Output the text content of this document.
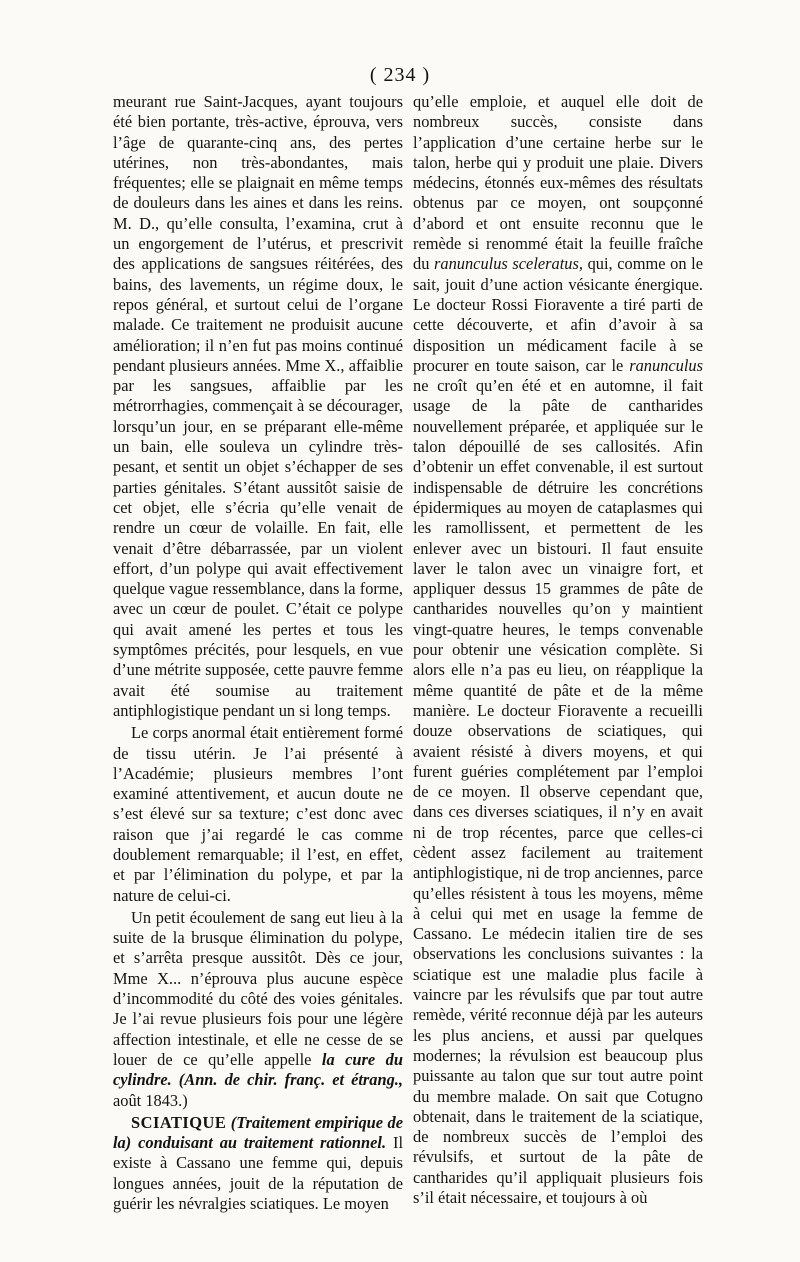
( 234 )

meurant rue Saint-Jacques, ayant toujours été bien portante, très-active, éprouva, vers l’âge de quarante-cinq ans, des pertes utérines, non très-abondantes, mais fréquentes; elle se plaignait en même temps de douleurs dans les aines et dans les reins. M. D., qu’elle consulta, l’examina, crut à un engorgement de l’utérus, et prescrivit des applications de sangsues réitérées, des bains, des lavements, un régime doux, le repos général, et surtout celui de l’organe malade. Ce traitement ne produisit aucune amélioration; il n’en fut pas moins continué pendant plusieurs années. Mme X., affaiblie par les sangsues, affaiblie par les métrorrhagies, commençait à se décourager, lorsqu’un jour, en se préparant elle-même un bain, elle souleva un cylindre très-pesant, et sentit un objet s’échapper de ses parties génitales. S’étant aussitôt saisie de cet objet, elle s’écria qu’elle venait de rendre un cœur de volaille. En fait, elle venait d’être débarrassée, par un violent effort, d’un polype qui avait effectivement quelque vague ressemblance, dans la forme, avec un cœur de poulet. C’était ce polype qui avait amené les pertes et tous les symptômes précités, pour lesquels, en vue d’une métrite supposée, cette pauvre femme avait été soumise au traitement antiphlogistique pendant un si long temps.

Le corps anormal était entièrement formé de tissu utérin. Je l’ai présenté à l’Académie; plusieurs membres l’ont examiné attentivement, et aucun doute ne s’est élevé sur sa texture; c’est donc avec raison que j’ai regardé le cas comme doublement remarquable; il l’est, en effet, et par l’élimination du polype, et par la nature de celui-ci.

Un petit écoulement de sang eut lieu à la suite de la brusque élimination du polype, et s’arrêta presque aussitôt. Dès ce jour, Mme X... n’éprouva plus aucune espèce d’incommodité du côté des voies génitales. Je l’ai revue plusieurs fois pour une légère affection intestinale, et elle ne cesse de se louer de ce qu’elle appelle la cure du cylindre. (Ann. de chir. franç. et étrang., août 1843.)

SCIATIQUE (Traitement empirique de la) conduisant au traitement rationnel. Il existe à Cassano une femme qui, depuis longues années, jouit de la réputation de guérir les névralgies sciatiques. Le moyen

qu’elle emploie, et auquel elle doit de nombreux succès, consiste dans l’application d’une certaine herbe sur le talon, herbe qui y produit une plaie. Divers médecins, étonnés eux-mêmes des résultats obtenus par ce moyen, ont soupçonné d’abord et ont ensuite reconnu que le remède si renommé était la feuille fraîche du ranunculus sceleratus, qui, comme on le sait, jouit d’une action vésicante énergique. Le docteur Rossi Fioravente a tiré parti de cette découverte, et afin d’avoir à sa disposition un médicament facile à se procurer en toute saison, car le ranunculus ne croît qu’en été et en automne, il fait usage de la pâte de cantharides nouvellement préparée, et appliquée sur le talon dépouillé de ses callosités. Afin d’obtenir un effet convenable, il est surtout indispensable de détruire les concrétions épidermiques au moyen de cataplasmes qui les ramollissent, et permettent de les enlever avec un bistouri. Il faut ensuite laver le talon avec un vinaigre fort, et appliquer dessus 15 grammes de pâte de cantharides nouvelles qu’on y maintient vingt-quatre heures, le temps convenable pour obtenir une vésication complète. Si alors elle n’a pas eu lieu, on réapplique la même quantité de pâte et de la même manière. Le docteur Fioravente a recueilli douze observations de sciatiques, qui avaient résisté à divers moyens, et qui furent guéries complétement par l’emploi de ce moyen. Il observe cependant que, dans ces diverses sciatiques, il n’y en avait ni de trop récentes, parce que celles-ci cèdent assez facilement au traitement antiphlogistique, ni de trop anciennes, parce qu’elles résistent à tous les moyens, même à celui qui met en usage la femme de Cassano. Le médecin italien tire de ses observations les conclusions suivantes : la sciatique est une maladie plus facile à vaincre par les révulsifs que par tout autre remède, vérité reconnue déjà par les auteurs les plus anciens, et aussi par quelques modernes; la révulsion est beaucoup plus puissante au talon que sur tout autre point du membre malade. On sait que Cotugno obtenait, dans le traitement de la sciatique, de nombreux succès de l’emploi des révulsifs, et surtout de la pâte de cantharides qu’il appliquait plusieurs fois s’il était nécessaire, et toujours à où
